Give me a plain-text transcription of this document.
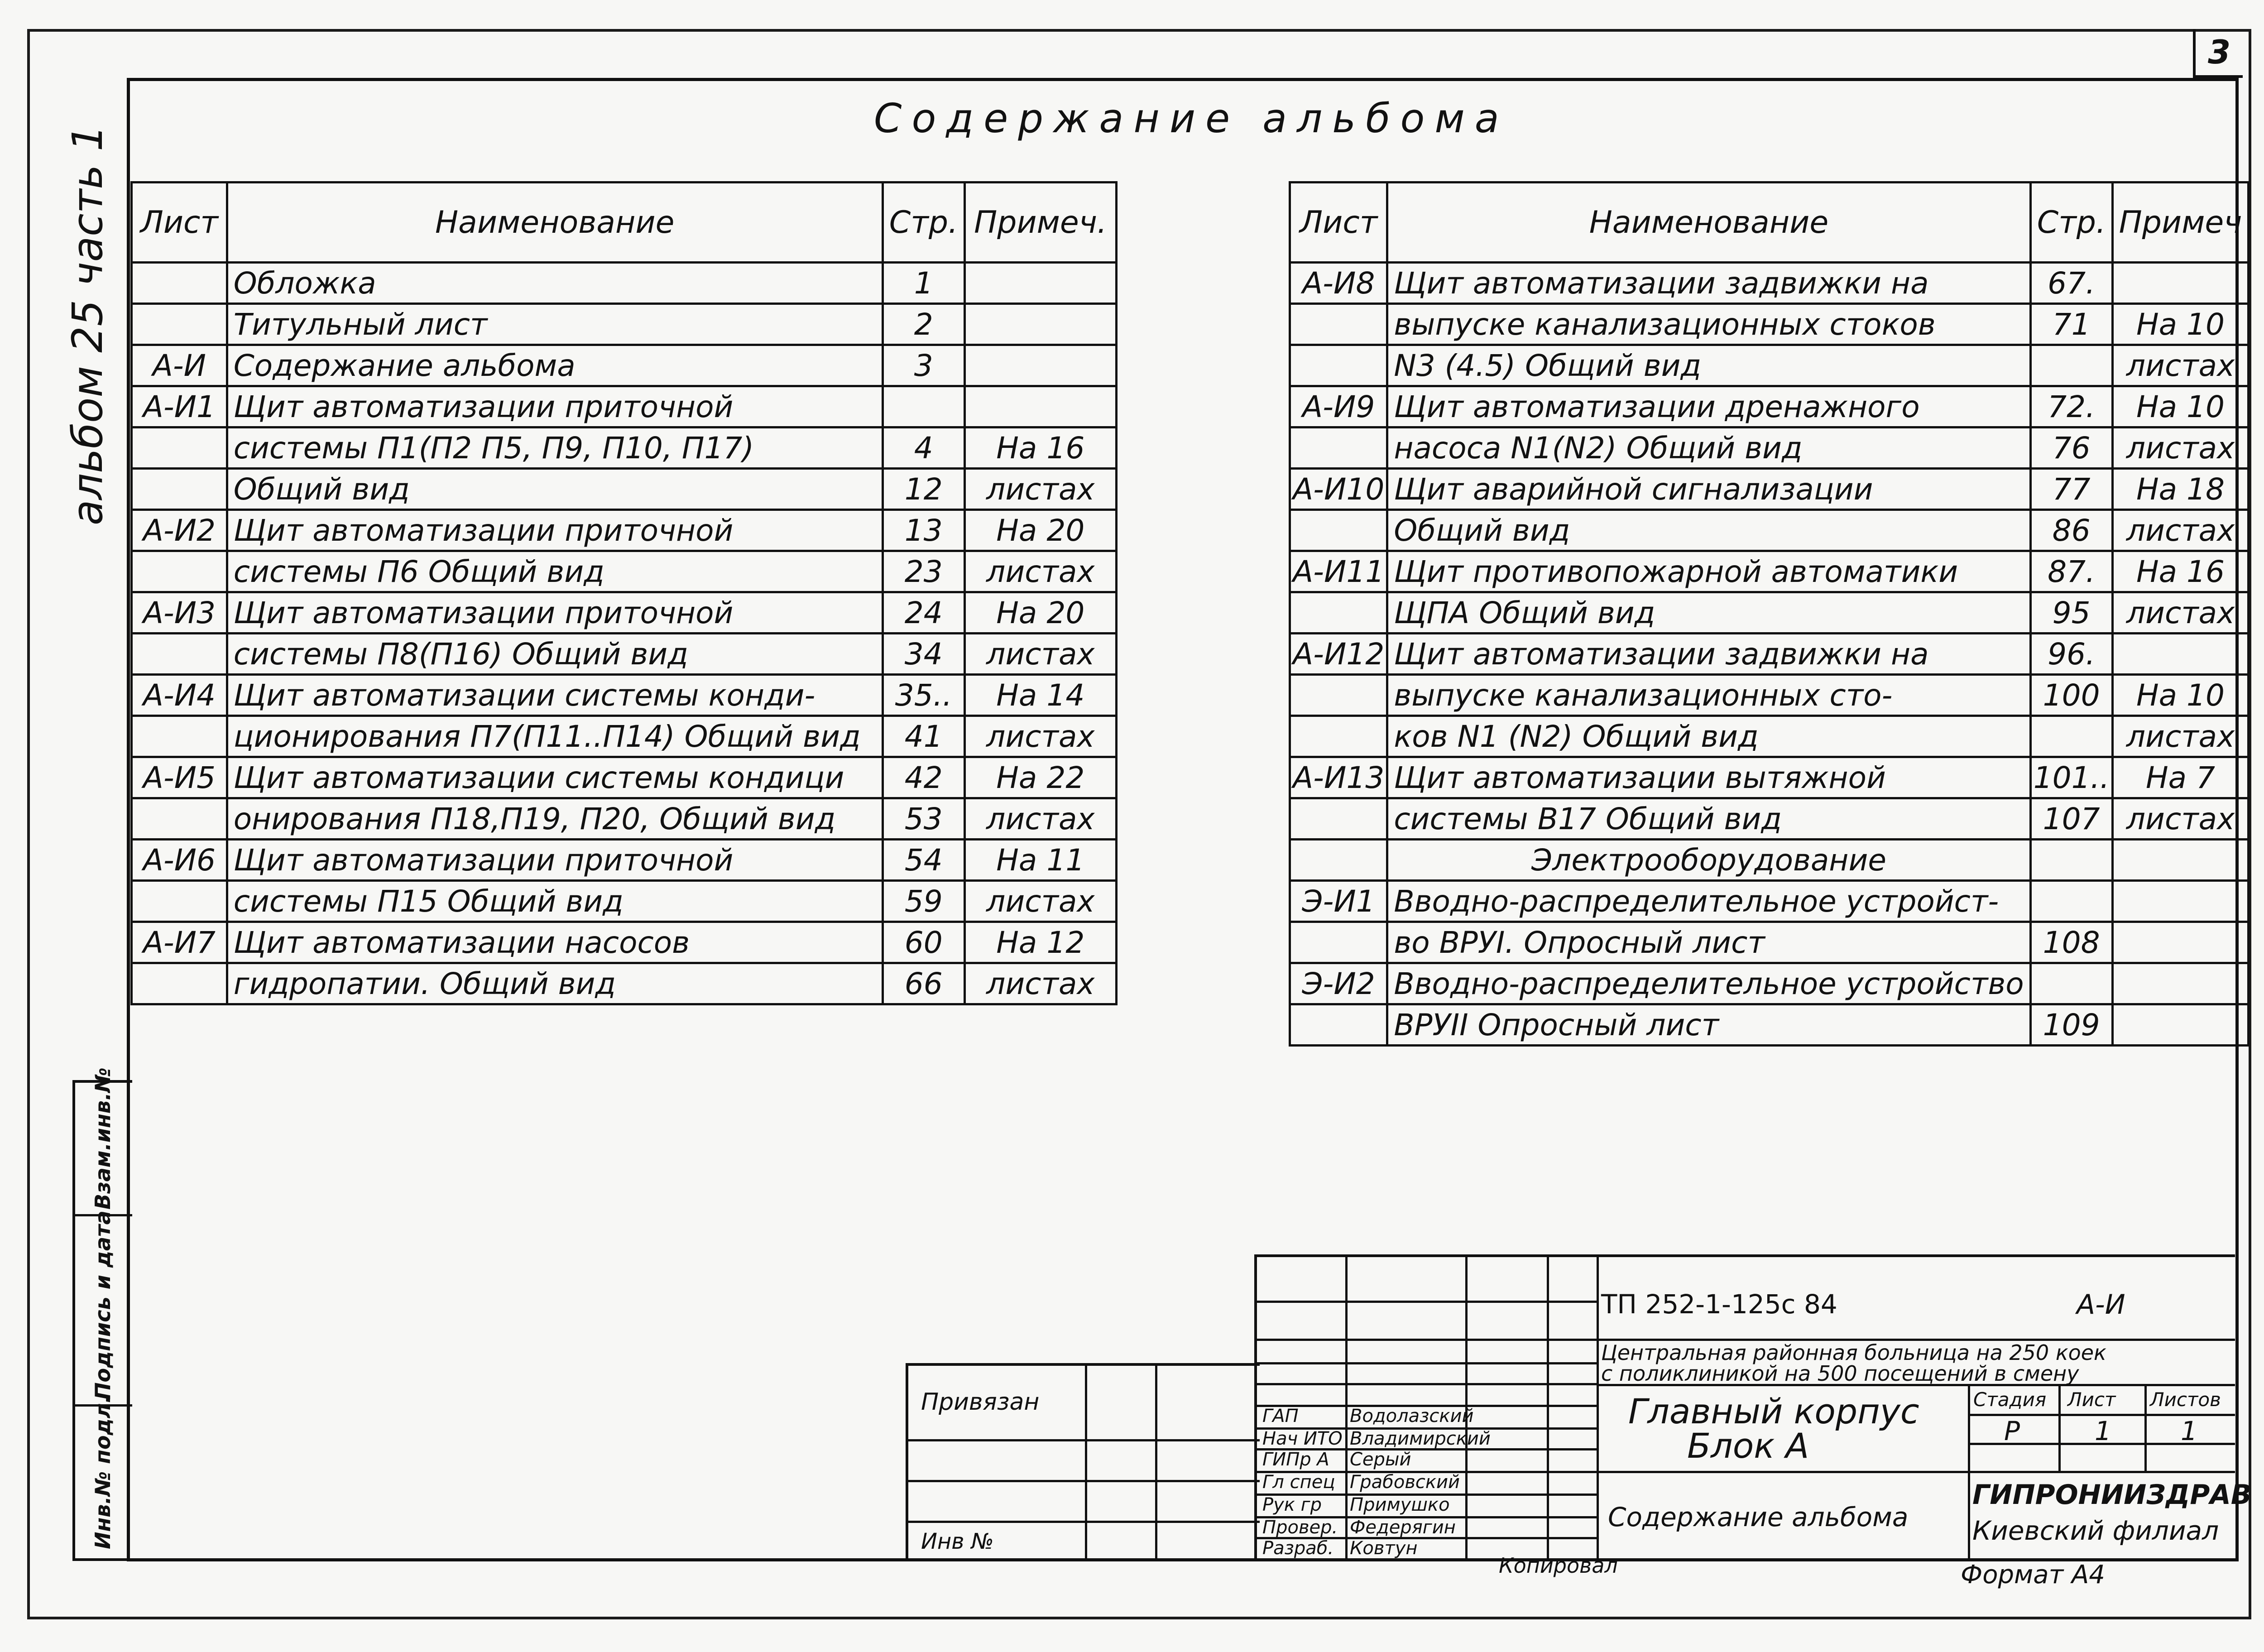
3
Содержание альбома
альбом 25 часть 1 Лист	Наименование	Стр.	Примеч.
	Обложка	1	
	Титульный лист	2	
А-И	Содержание альбома	3	
А-И1	Щит автоматизации приточной		
	системы П1(П2 П5, П9, П10, П17)	4	На 16
	Общий вид	12	листах
А-И2	Щит автоматизации приточной	13	На 20
	системы П6 Общий вид	23	листах
А-И3	Щит автоматизации приточной	24	На 20
	системы П8(П16) Общий вид	34	листах
А-И4	Щит автоматизации системы конди-	35..	На 14
	ционирования П7(П11..П14) Общий вид	41	листах
А-И5	Щит автоматизации системы кондици	42	На 22
	онирования П18,П19, П20, Общий вид	53	листах
А-И6	Щит автоматизации приточной	54	На 11
	системы П15 Общий вид	59	листах
А-И7	Щит автоматизации насосов	60	На 12
	гидропатии. Общий вид	66	листах
Лист	Наименование	Стр.	Примеч
А-И8	Щит автоматизации задвижки на	67.	
	выпуске канализационных стоков	71	На 10
	N3 (4.5) Общий вид		листах
А-И9	Щит автоматизации дренажного	72.	На 10
	насоса N1(N2) Общий вид	76	листах
А-И10	Щит аварийной сигнализации	77	На 18
	Общий вид	86	листах
А-И11	Щит противопожарной автоматики	87.	На 16
	ЩПА Общий вид	95	листах
А-И12	Щит автоматизации задвижки на	96.	
	выпуске канализационных сто-	100	На 10
	ков N1 (N2) Общий вид		листах
А-И13	Щит автоматизации вытяжной	101..	На 7
	системы В17 Общий вид	107	листах
	Электрооборудование		
Э-И1	Вводно-распределительное устройст-		
	во ВРУI. Опросный лист	108	
Э-И2	Вводно-распределительное устройство		
	ВРУII Опросный лист	109	
Взам.инв.№
Подпись и дата
Инв.№ подл.	Привязан
Инв №
ГАП	Водолазский
Нач ИТО Владимирский
ГИПр А Серый
Гл спец Грабовский
Рук гр Примушко
Провер. Федерягин
Разраб. Ковтун
ТП 252-1-125с 84	А-И
Центральная районная больница на 250 коек
с поликлиникой на 500 посещений в смену
Главный корпус
Блок А
Содержание альбома
Стадия Лист Листов
Р	1	1
ГИПРОНИИЗДРАВ
Киевский филиал
Формат А4
Копировал
